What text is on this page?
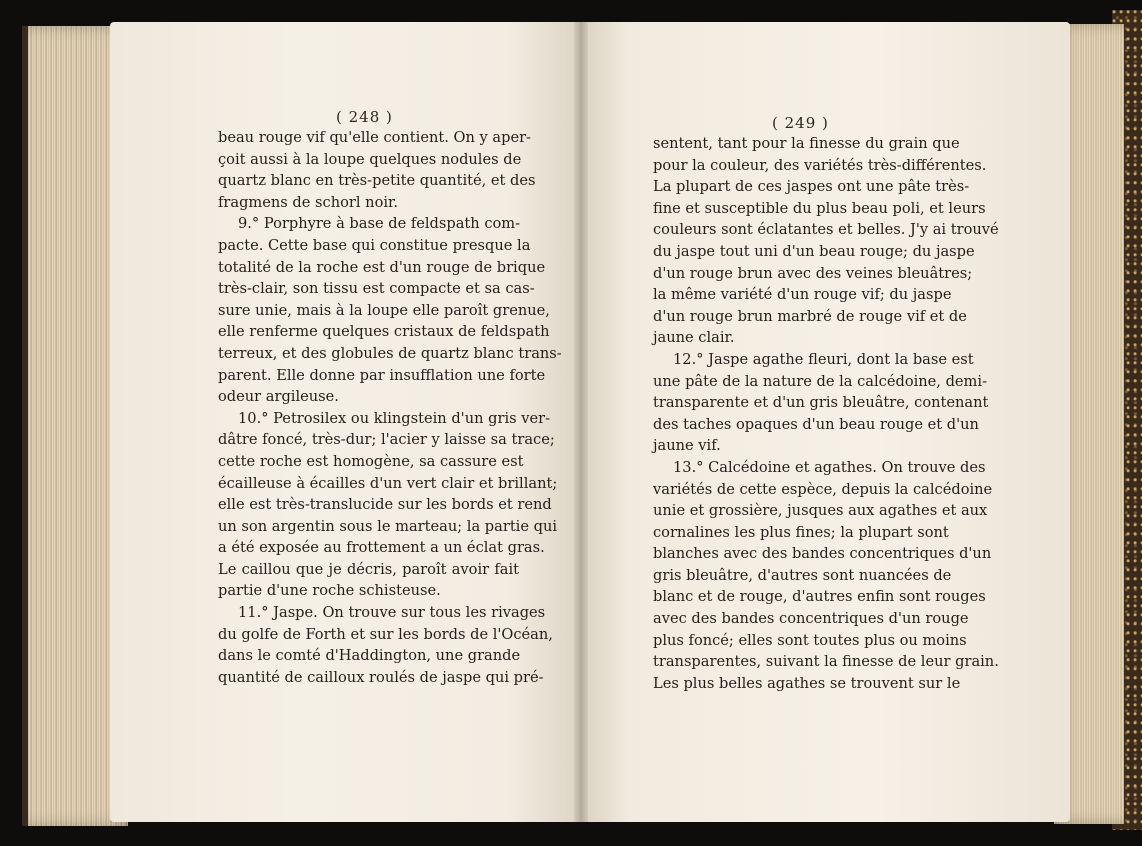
( 248 )	( 249 )
beau rouge vif qu'elle contient. On y aper-
çoit aussi à la loupe quelques nodules de
quartz blanc en très-petite quantité, et des
fragmens de schorl noir.
9.° Porphyre à base de feldspath com-
pacte. Cette base qui constitue presque la
totalité de la roche est d'un rouge de brique
très-clair, son tissu est compacte et sa cas-
sure unie, mais à la loupe elle paroît grenue,
elle renferme quelques cristaux de feldspath
terreux, et des globules de quartz blanc trans-
parent. Elle donne par insufflation une forte
odeur argileuse.
10.° Petrosilex ou klingstein d'un gris ver-
dâtre foncé, très-dur; l'acier y laisse sa trace;
cette roche est homogène, sa cassure est
écailleuse à écailles d'un vert clair et brillant;
elle est très-translucide sur les bords et rend
un son argentin sous le marteau; la partie qui
a été exposée au frottement a un éclat gras.
Le caillou que je décris, paroît avoir fait
partie d'une roche schisteuse.
11.° Jaspe. On trouve sur tous les rivages
du golfe de Forth et sur les bords de l'Océan,
dans le comté d'Haddington, une grande
quantité de cailloux roulés de jaspe qui pré-
sentent, tant pour la finesse du grain que
pour la couleur, des variétés très-différentes.
La plupart de ces jaspes ont une pâte très-
fine et susceptible du plus beau poli, et leurs
couleurs sont éclatantes et belles. J'y ai trouvé
du jaspe tout uni d'un beau rouge; du jaspe
d'un rouge brun avec des veines bleuâtres;
la même variété d'un rouge vif; du jaspe
d'un rouge brun marbré de rouge vif et de
jaune clair.
12.° Jaspe agathe fleuri, dont la base est
une pâte de la nature de la calcédoine, demi-
transparente et d'un gris bleuâtre, contenant
des taches opaques d'un beau rouge et d'un
jaune vif.
13.° Calcédoine et agathes. On trouve des
variétés de cette espèce, depuis la calcédoine
unie et grossière, jusques aux agathes et aux
cornalines les plus fines; la plupart sont
blanches avec des bandes concentriques d'un
gris bleuâtre, d'autres sont nuancées de
blanc et de rouge, d'autres enfin sont rouges
avec des bandes concentriques d'un rouge
plus foncé; elles sont toutes plus ou moins
transparentes, suivant la finesse de leur grain.
Les plus belles agathes se trouvent sur le
